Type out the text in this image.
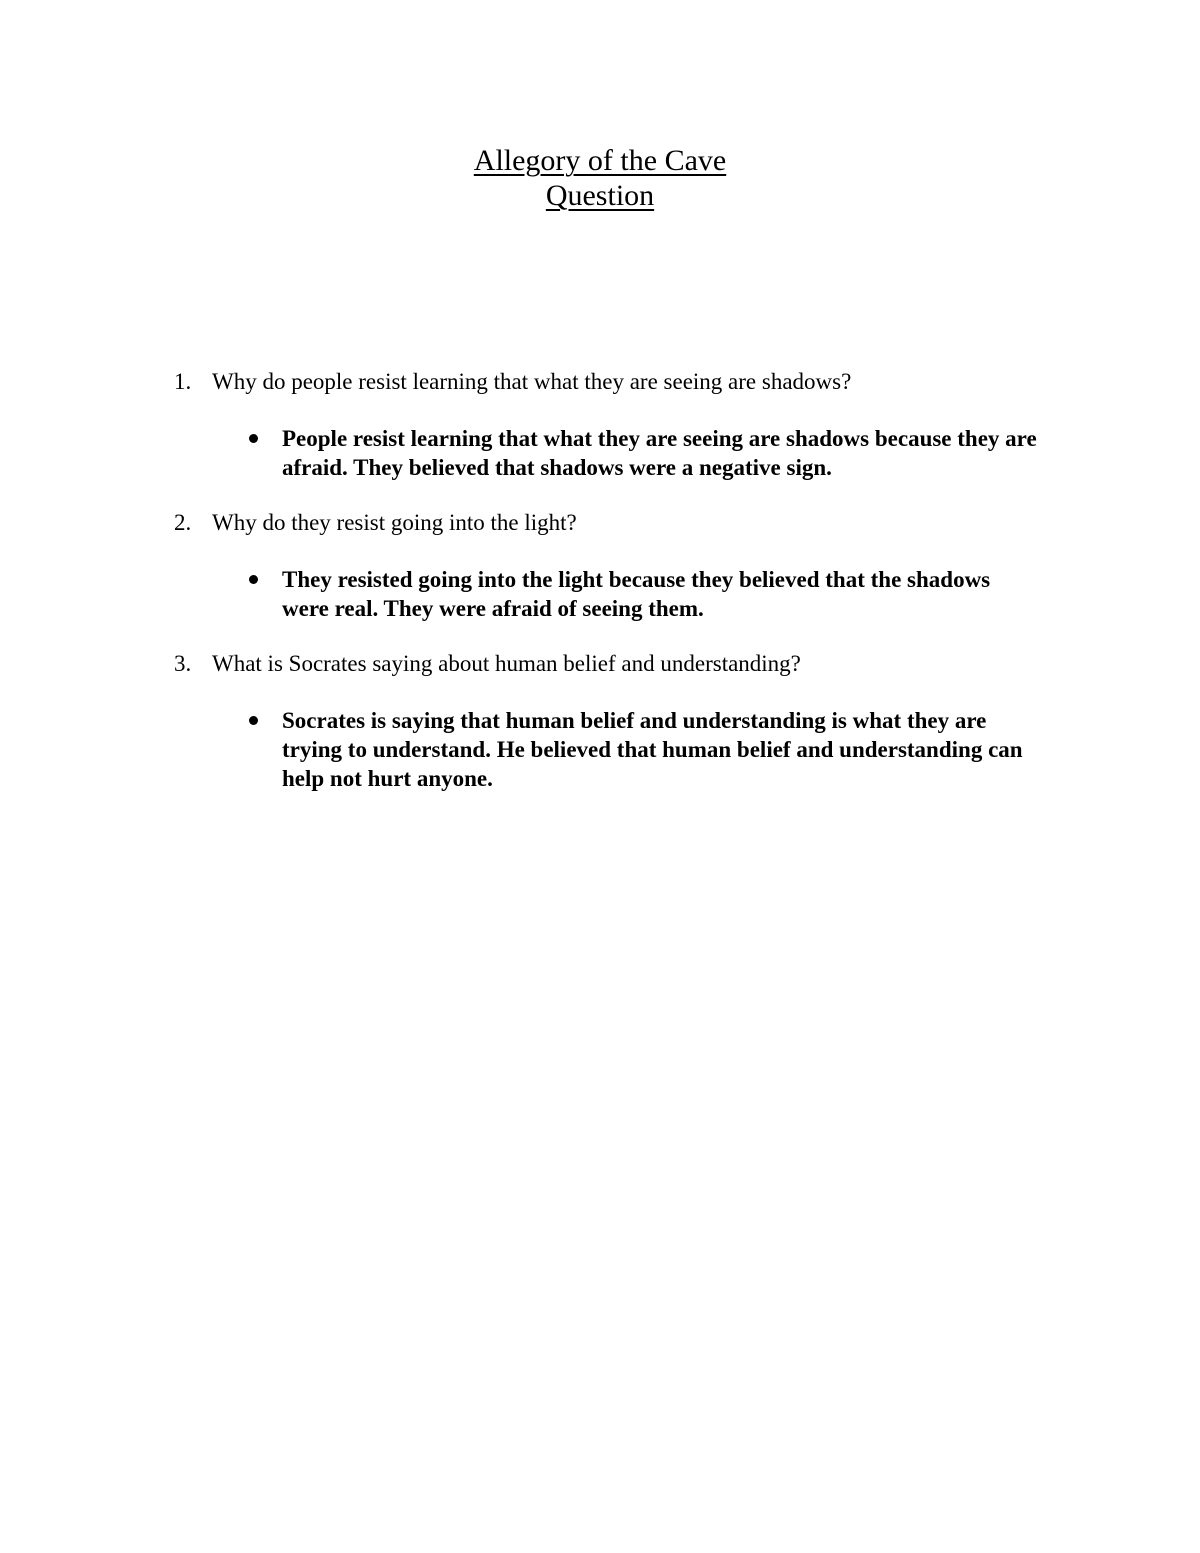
Allegory of the Cave
Question
1. Why do people resist learning that what they are seeing are shadows?
People resist learning that what they are seeing are shadows because they are afraid. They believed that shadows were a negative sign.
2. Why do they resist going into the light?
They resisted going into the light because they believed that the shadows were real. They were afraid of seeing them.
3. What is Socrates saying about human belief and understanding?
Socrates is saying that human belief and understanding is what they are trying to understand. He believed that human belief and understanding can help not hurt anyone.
